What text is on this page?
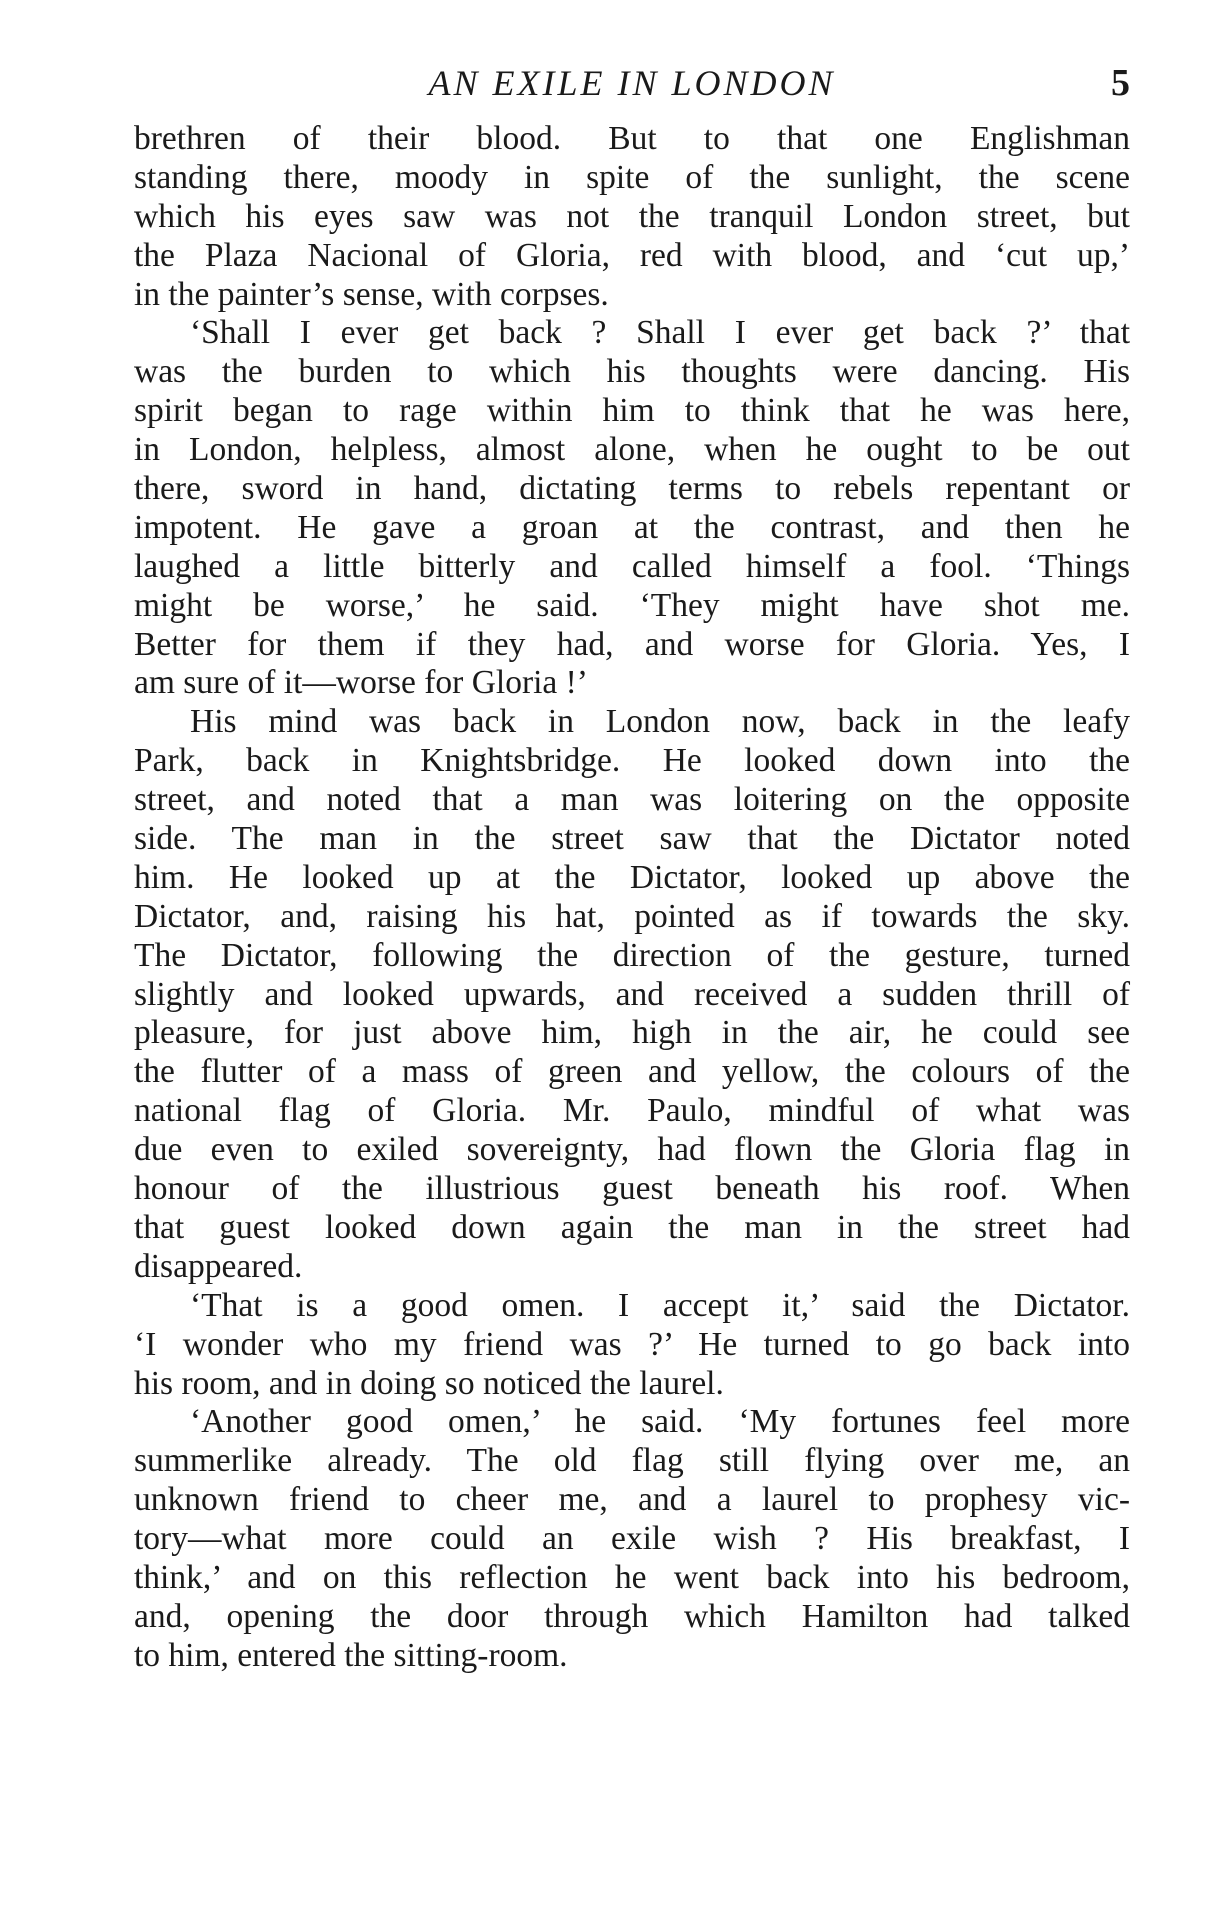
AN EXILE IN LONDON	5
brethren of their blood. But to that one Englishman
standing there, moody in spite of the sunlight, the scene
which his eyes saw was not the tranquil London street, but
the Plaza Nacional of Gloria, red with blood, and ‘cut up,’
in the painter’s sense, with corpses.
‘Shall I ever get back ? Shall I ever get back ?’ that
was the burden to which his thoughts were dancing. His
spirit began to rage within him to think that he was here,
in London, helpless, almost alone, when he ought to be out
there, sword in hand, dictating terms to rebels repentant or
impotent. He gave a groan at the contrast, and then he
laughed a little bitterly and called himself a fool. ‘Things
might be worse,’ he said. ‘They might have shot me.
Better for them if they had, and worse for Gloria. Yes, I
am sure of it—worse for Gloria !’
His mind was back in London now, back in the leafy
Park, back in Knightsbridge. He looked down into the
street, and noted that a man was loitering on the opposite
side. The man in the street saw that the Dictator noted
him. He looked up at the Dictator, looked up above the
Dictator, and, raising his hat, pointed as if towards the sky.
The Dictator, following the direction of the gesture, turned
slightly and looked upwards, and received a sudden thrill of
pleasure, for just above him, high in the air, he could see
the flutter of a mass of green and yellow, the colours of the
national flag of Gloria. Mr. Paulo, mindful of what was
due even to exiled sovereignty, had flown the Gloria flag in
honour of the illustrious guest beneath his roof. When
that guest looked down again the man in the street had
disappeared.
‘That is a good omen. I accept it,’ said the Dictator.
‘I wonder who my friend was ?’ He turned to go back into
his room, and in doing so noticed the laurel.
‘Another good omen,’ he said. ‘My fortunes feel more
summerlike already. The old flag still flying over me, an
unknown friend to cheer me, and a laurel to prophesy vic-
tory—what more could an exile wish ? His breakfast, I
think,’ and on this reflection he went back into his bedroom,
and, opening the door through which Hamilton had talked
to him, entered the sitting-room.
